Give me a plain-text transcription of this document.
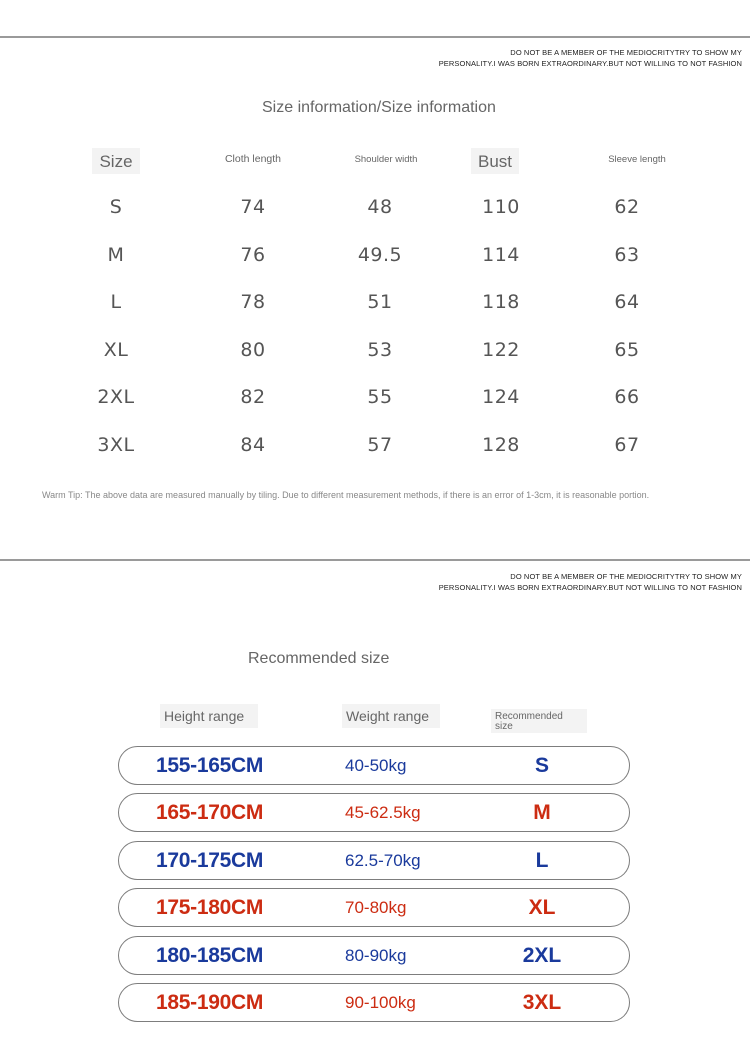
DO NOT BE A MEMBER OF THE MEDIOCRITYTRY TO SHOW MY
PERSONALITY.I WAS BORN EXTRAORDINARY.BUT NOT WILLING TO NOT FASHION
Size information/Size information
Size	Cloth length	Shoulder width	Bust	Sleeve length
S	74	48	110	62
M	76	49.5	114	63
L	78	51	118	64
XL	80	53	122	65
2XL	82	55	124	66
3XL	84	57	128	67
Warm Tip: The above data are measured manually by tiling. Due to different measurement methods, if there is an error of 1-3cm, it is reasonable portion.
DO NOT BE A MEMBER OF THE MEDIOCRITYTRY TO SHOW MY
PERSONALITY.I WAS BORN EXTRAORDINARY.BUT NOT WILLING TO NOT FASHION
Recommended size
Height range	Weight range	Recommended
size
155-165CM	40-50kg	S
165-170CM	45-62.5kg	M
170-175CM	62.5-70kg	L
175-180CM	70-80kg	XL
180-185CM	80-90kg	2XL
185-190CM	90-100kg	3XL
